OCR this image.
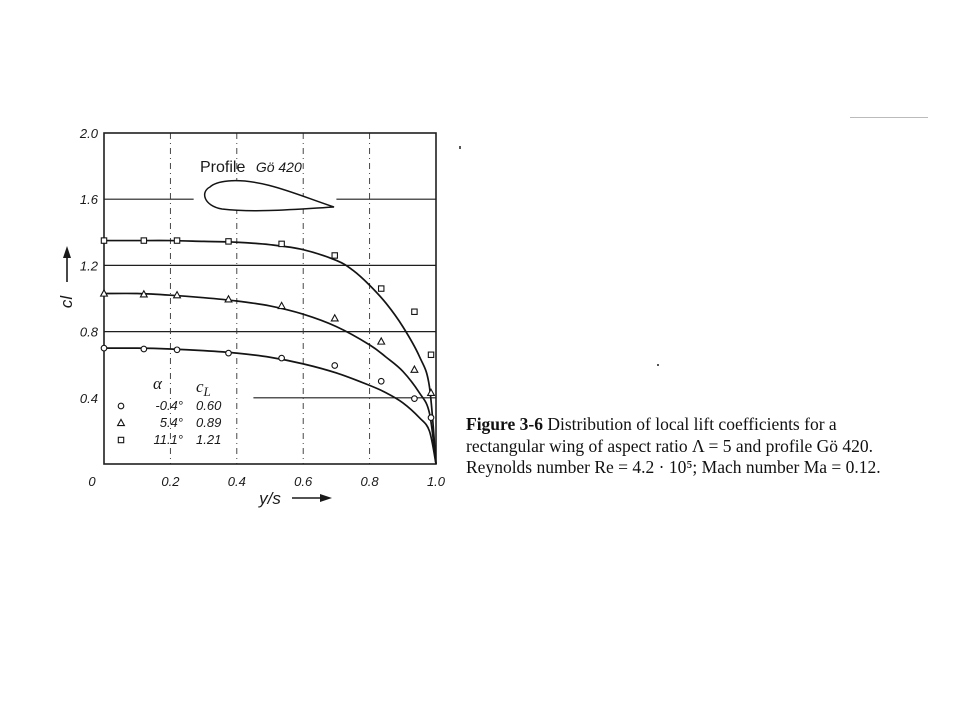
Profile Gö 420
0	0.2	0.4	0.6	0.8	1.0
0.4
0.8
1.2
1.6
2.0
y/s
cl
α $c_L$
-0.4° 0.60
5.4° 0.89
11.1° 1.21
Figure 3-6 Distribution of local lift coefficients for a rectangular wing of aspect ratio Λ = 5 and profile Gö 420. Reynolds number Re = 4.2 · 10⁵; Mach number Ma = 0.12.
